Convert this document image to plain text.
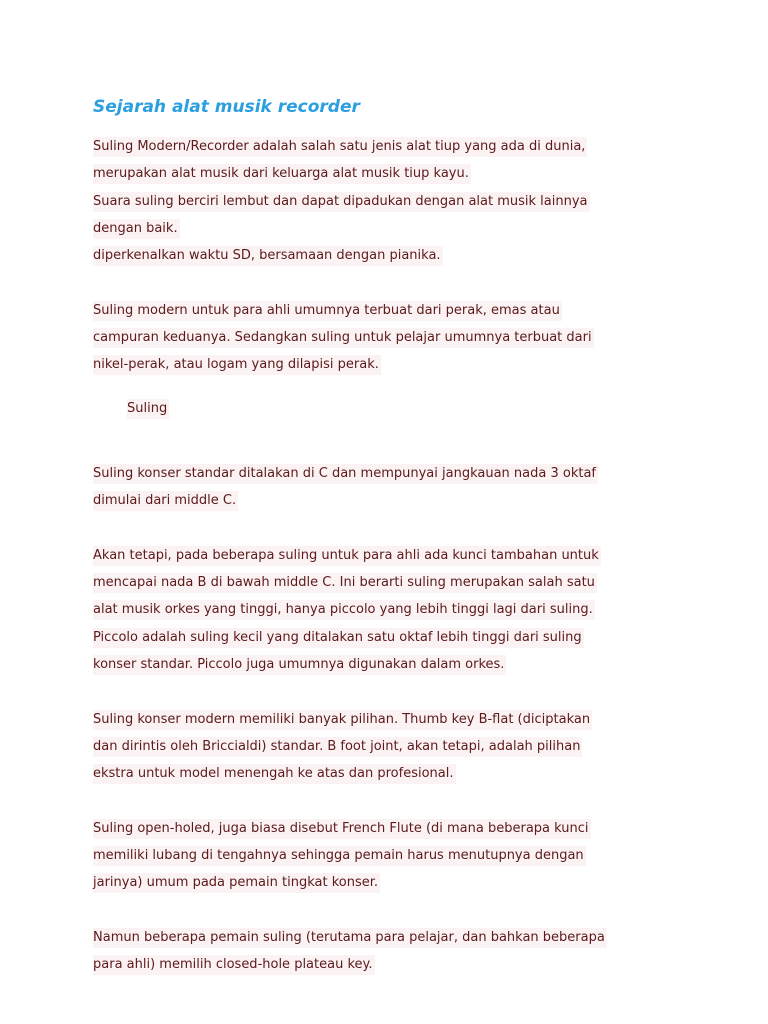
Sejarah alat musik recorder
Suling Modern/Recorder adalah salah satu jenis alat tiup yang ada di dunia,
merupakan alat musik dari keluarga alat musik tiup kayu.
Suara suling berciri lembut dan dapat dipadukan dengan alat musik lainnya
dengan baik.
diperkenalkan waktu SD, bersamaan dengan pianika.
Suling modern untuk para ahli umumnya terbuat dari perak, emas atau
campuran keduanya. Sedangkan suling untuk pelajar umumnya terbuat dari
nikel-perak, atau logam yang dilapisi perak.
Suling
Suling konser standar ditalakan di C dan mempunyai jangkauan nada 3 oktaf
dimulai dari middle C.
Akan tetapi, pada beberapa suling untuk para ahli ada kunci tambahan untuk
mencapai nada B di bawah middle C. Ini berarti suling merupakan salah satu
alat musik orkes yang tinggi, hanya piccolo yang lebih tinggi lagi dari suling.
Piccolo adalah suling kecil yang ditalakan satu oktaf lebih tinggi dari suling
konser standar. Piccolo juga umumnya digunakan dalam orkes.
Suling konser modern memiliki banyak pilihan. Thumb key B-flat (diciptakan
dan dirintis oleh Briccialdi) standar. B foot joint, akan tetapi, adalah pilihan
ekstra untuk model menengah ke atas dan profesional.
Suling open-holed, juga biasa disebut French Flute (di mana beberapa kunci
memiliki lubang di tengahnya sehingga pemain harus menutupnya dengan
jarinya) umum pada pemain tingkat konser.
Namun beberapa pemain suling (terutama para pelajar, dan bahkan beberapa
para ahli) memilih closed-hole plateau key.
